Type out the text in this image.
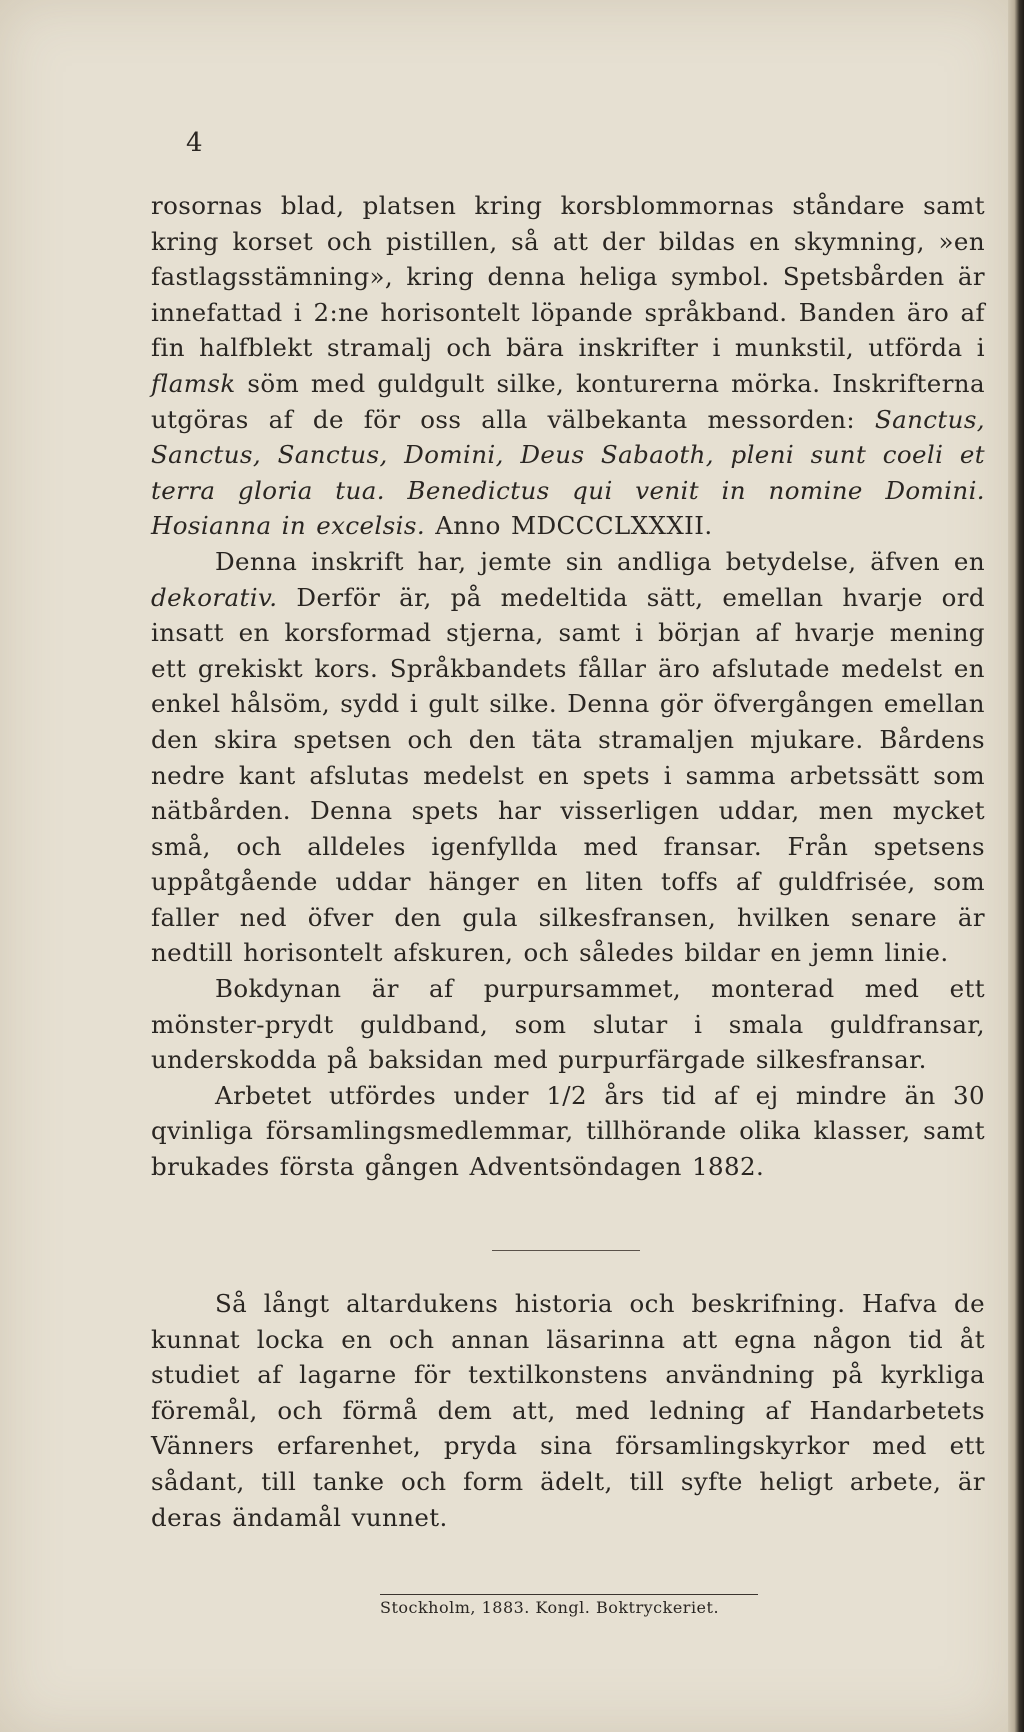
4

rosornas blad, platsen kring korsblommornas ståndare samt kring korset och pistillen, så att der bildas en skymning, »en fastlagsstämning», kring denna heliga symbol. Spetsbården är innefattad i 2:ne horisontelt löpande språkband. Banden äro af fin halfblekt stramalj och bära inskrifter i munkstil, utförda i flamsk söm med guldgult silke, konturerna mörka. Inskrifterna utgöras af de för oss alla välbekanta messorden: Sanctus, Sanctus, Sanctus, Domini, Deus Sabaoth, pleni sunt coeli et terra gloria tua. Benedictus qui venit in nomine Domini. Hosianna in excelsis. Anno MDCCCLXXXII.

Denna inskrift har, jemte sin andliga betydelse, äfven en dekorativ. Derför är, på medeltida sätt, emellan hvarje ord insatt en korsformad stjerna, samt i början af hvarje mening ett grekiskt kors. Språkbandets fållar äro afslutade medelst en enkel hålsöm, sydd i gult silke. Denna gör öfvergången emellan den skira spetsen och den täta stramaljen mjukare. Bårdens nedre kant afslutas medelst en spets i samma arbetssätt som nätbården. Denna spets har visserligen uddar, men mycket små, och alldeles igenfyllda med fransar. Från spetsens uppåtgående uddar hänger en liten toffs af guldfrisée, som faller ned öfver den gula silkesfransen, hvilken senare är nedtill horisontelt afskuren, och således bildar en jemn linie.

Bokdynan är af purpursammet, monterad med ett mönster-prydt guldband, som slutar i smala guldfransar, underskodda på baksidan med purpurfärgade silkesfransar.

Arbetet utfördes under 1/2 års tid af ej mindre än 30 qvinliga församlingsmedlemmar, tillhörande olika klasser, samt brukades första gången Adventsöndagen 1882.

Så långt altardukens historia och beskrifning. Hafva de kunnat locka en och annan läsarinna att egna någon tid åt studiet af lagarne för textilkonstens användning på kyrkliga föremål, och förmå dem att, med ledning af Handarbetets Vänners erfarenhet, pryda sina församlingskyrkor med ett sådant, till tanke och form ädelt, till syfte heligt arbete, är deras ändamål vunnet.

Stockholm, 1883. Kongl. Boktryckeriet.
